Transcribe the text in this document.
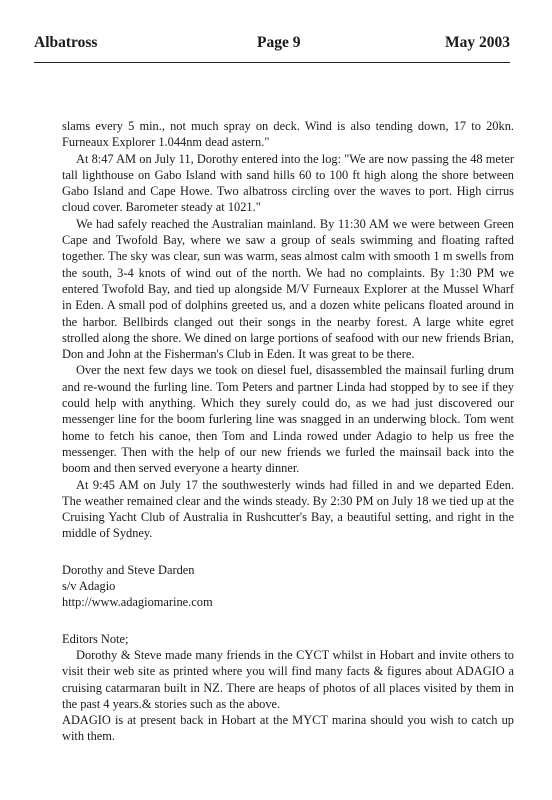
Albatross	Page 9	May 2003

slams every 5 min., not much spray on deck. Wind is also tending down, 17 to 20kn. Furneaux Explorer 1.044nm dead astern."

At 8:47 AM on July 11, Dorothy entered into the log: "We are now passing the 48 meter tall lighthouse on Gabo Island with sand hills 60 to 100 ft high along the shore between Gabo Island and Cape Howe. Two albatross circling over the waves to port. High cirrus cloud cover. Barometer steady at 1021."

We had safely reached the Australian mainland. By 11:30 AM we were between Green Cape and Twofold Bay, where we saw a group of seals swimming and floating rafted together. The sky was clear, sun was warm, seas almost calm with smooth 1 m swells from the south, 3-4 knots of wind out of the north. We had no complaints. By 1:30 PM we entered Twofold Bay, and tied up alongside M/V Furneaux Explorer at the Mussel Wharf in Eden. A small pod of dolphins greeted us, and a dozen white pelicans floated around in the harbor. Bellbirds clanged out their songs in the nearby forest. A large white egret strolled along the shore. We dined on large portions of seafood with our new friends Brian, Don and John at the Fisherman's Club in Eden. It was great to be there.

Over the next few days we took on diesel fuel, disassembled the mainsail furling drum and re-wound the furling line. Tom Peters and partner Linda had stopped by to see if they could help with anything. Which they surely could do, as we had just discovered our messenger line for the boom furlering line was snagged in an underwing block. Tom went home to fetch his canoe, then Tom and Linda rowed under Adagio to help us free the messenger. Then with the help of our new friends we furled the mainsail back into the boom and then served everyone a hearty dinner.

At 9:45 AM on July 17 the southwesterly winds had filled in and we departed Eden. The weather remained clear and the winds steady. By 2:30 PM on July 18 we tied up at the Cruising Yacht Club of Australia in Rushcutter's Bay, a beautiful setting, and right in the middle of Sydney.

Dorothy and Steve Darden
s/v Adagio
http://www.adagiomarine.com
Editors Note;

Dorothy & Steve made many friends in the CYCT whilst in Hobart and invite others to visit their web site as printed where you will find many facts & figures about ADAGIO a cruising catarmaran built in NZ. There are heaps of photos of all places visited by them in the past 4 years.& stories such as the above.

ADAGIO is at present back in Hobart at the MYCT marina should you wish to catch up with them.
